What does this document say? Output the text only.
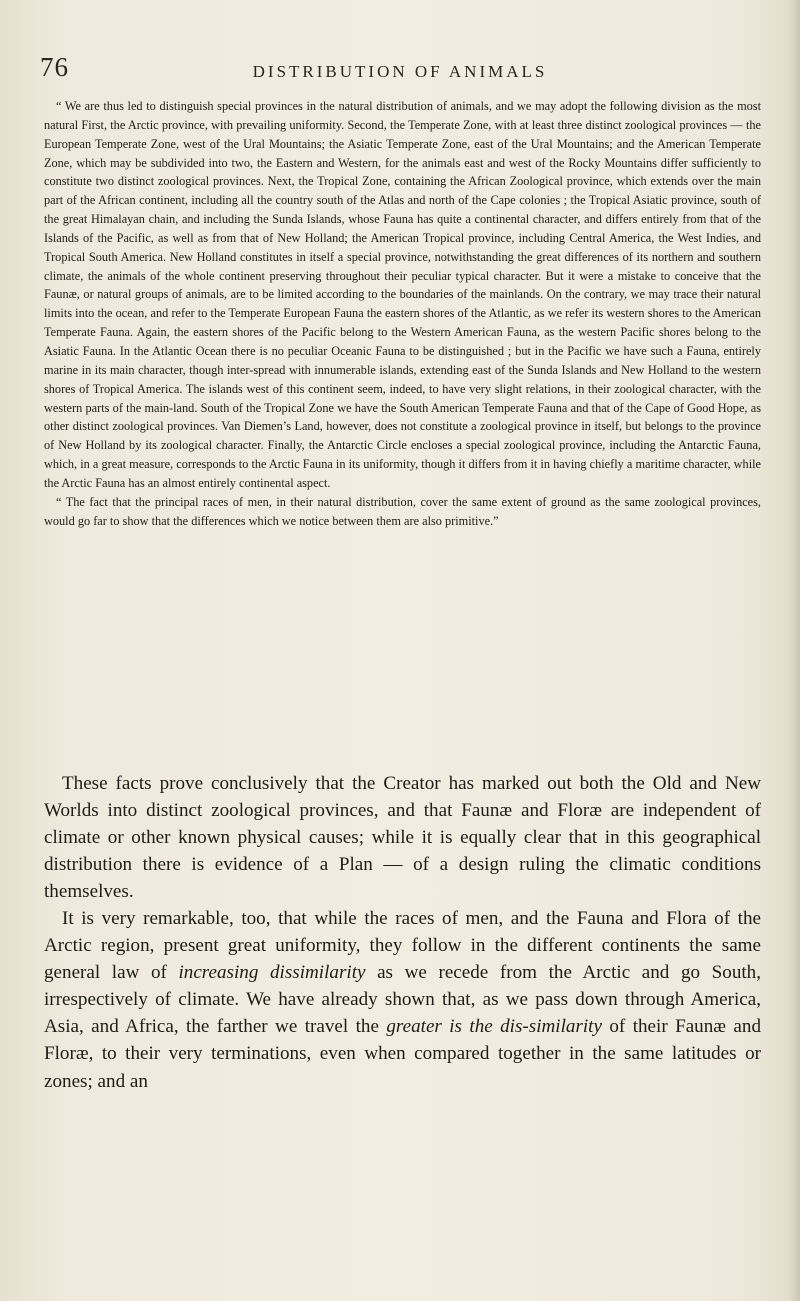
76	DISTRIBUTION OF ANIMALS

“ We are thus led to distinguish special provinces in the natural distribution of animals, and we may adopt the following division as the most natural First, the Arctic province, with prevailing uniformity. Second, the Temperate Zone, with at least three distinct zoological provinces — the European Temperate Zone, west of the Ural Mountains; the Asiatic Temperate Zone, east of the Ural Mountains; and the American Temperate Zone, which may be subdivided into two, the Eastern and Western, for the animals east and west of the Rocky Mountains differ sufficiently to constitute two distinct zoological provinces. Next, the Tropical Zone, containing the African Zoological province, which extends over the main part of the African continent, including all the country south of the Atlas and north of the Cape colonies ; the Tropical Asiatic province, south of the great Himalayan chain, and including the Sunda Islands, whose Fauna has quite a continental character, and differs entirely from that of the Islands of the Pacific, as well as from that of New Holland; the American Tropical province, including Central America, the West Indies, and Tropical South America. New Holland constitutes in itself a special province, notwithstanding the great differences of its northern and southern climate, the animals of the whole continent preserving throughout their peculiar typical character. But it were a mistake to conceive that the Faunæ, or natural groups of animals, are to be limited according to the boundaries of the mainlands. On the contrary, we may trace their natural limits into the ocean, and refer to the Temperate European Fauna the eastern shores of the Atlantic, as we refer its western shores to the American Temperate Fauna. Again, the eastern shores of the Pacific belong to the Western American Fauna, as the western Pacific shores belong to the Asiatic Fauna. In the Atlantic Ocean there is no peculiar Oceanic Fauna to be distinguished ; but in the Pacific we have such a Fauna, entirely marine in its main character, though inter-spread with innumerable islands, extending east of the Sunda Islands and New Holland to the western shores of Tropical America. The islands west of this continent seem, indeed, to have very slight relations, in their zoological character, with the western parts of the main-land. South of the Tropical Zone we have the South American Temperate Fauna and that of the Cape of Good Hope, as other distinct zoological provinces. Van Diemen’s Land, however, does not constitute a zoological province in itself, but belongs to the province of New Holland by its zoological character. Finally, the Antarctic Circle encloses a special zoological province, including the Antarctic Fauna, which, in a great measure, corresponds to the Arctic Fauna in its uniformity, though it differs from it in having chiefly a maritime character, while the Arctic Fauna has an almost entirely continental aspect.

“ The fact that the principal races of men, in their natural distribution, cover the same extent of ground as the same zoological provinces, would go far to show that the differences which we notice between them are also primitive.”

These facts prove conclusively that the Creator has marked out both the Old and New Worlds into distinct zoological provinces, and that Faunæ and Floræ are independent of climate or other known physical causes; while it is equally clear that in this geographical distribution there is evidence of a Plan — of a design ruling the climatic conditions themselves.

It is very remarkable, too, that while the races of men, and the Fauna and Flora of the Arctic region, present great uniformity, they follow in the different continents the same general law of increasing dissimilarity as we recede from the Arctic and go South, irrespectively of climate. We have already shown that, as we pass down through America, Asia, and Africa, the farther we travel the greater is the dis-similarity of their Faunæ and Floræ, to their very terminations, even when compared together in the same latitudes or zones; and an
